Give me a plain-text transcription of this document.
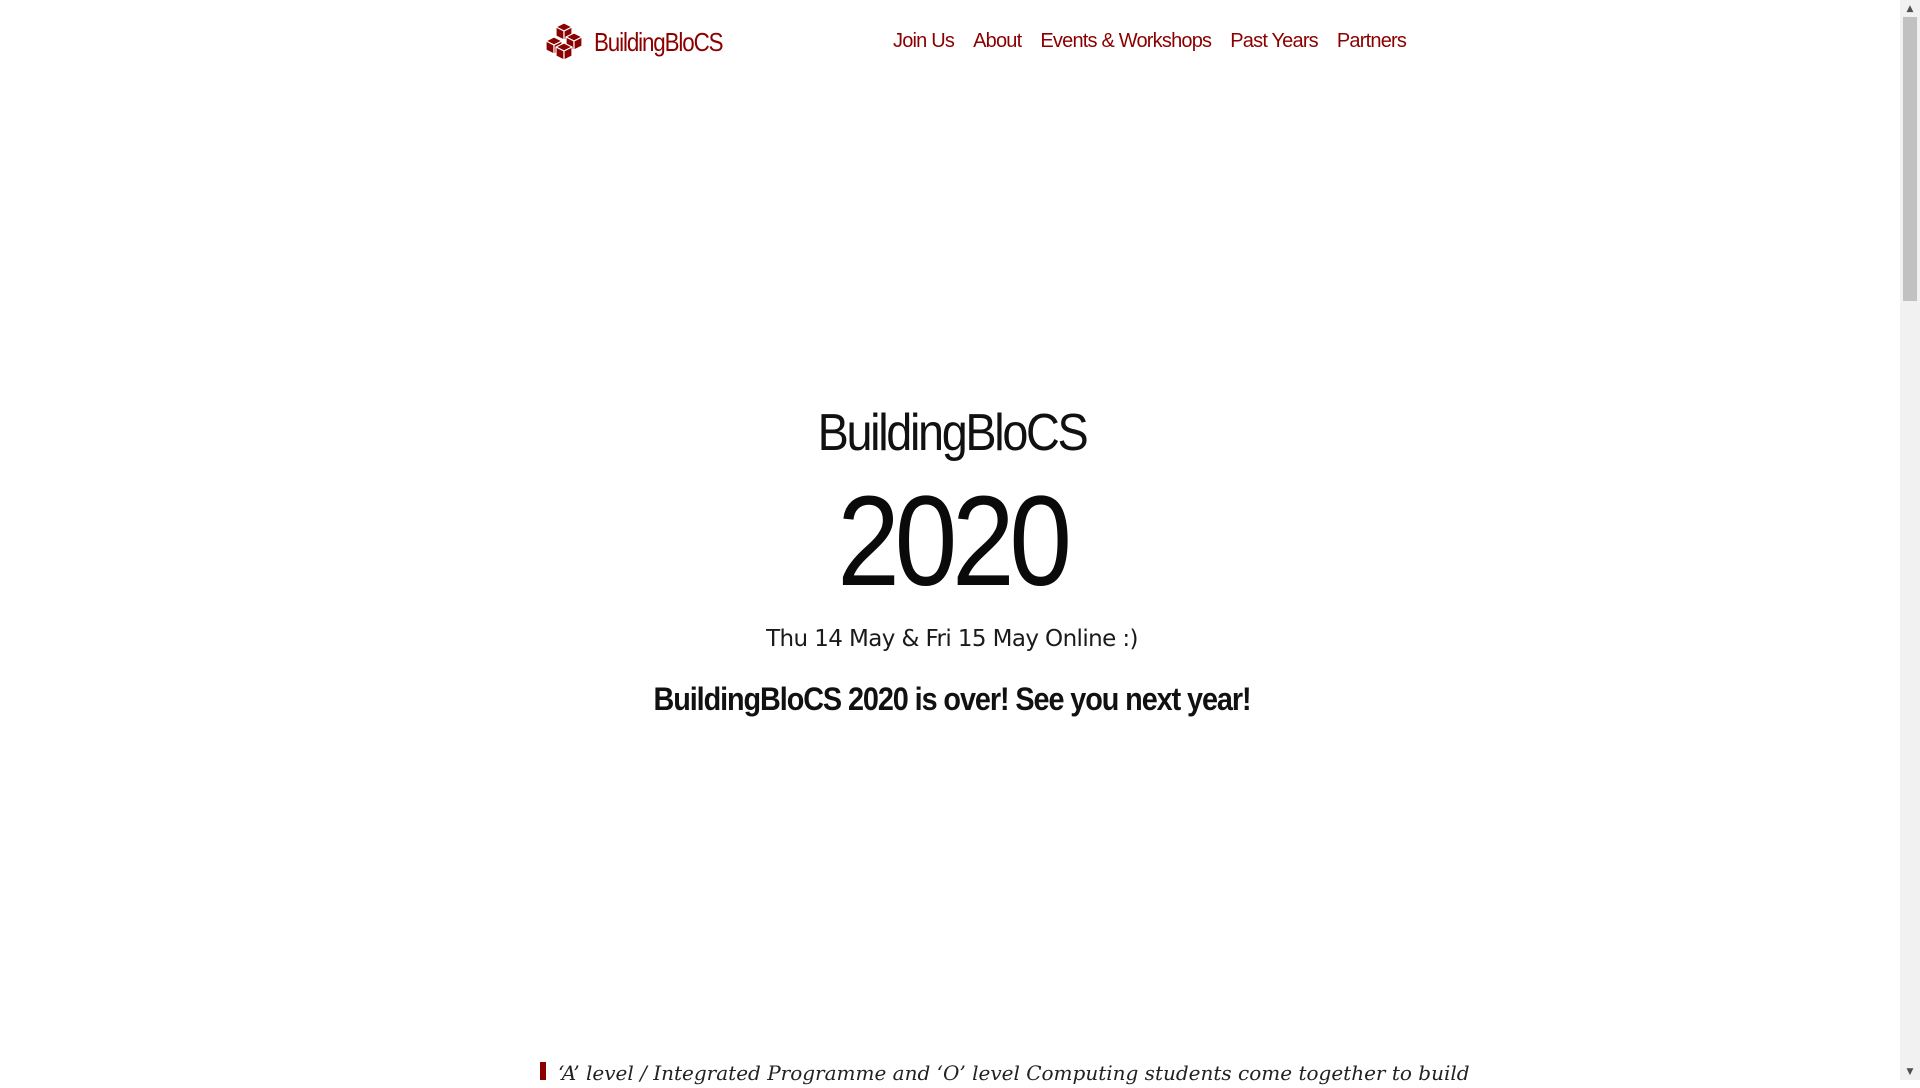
BuildingBloCS	Join Us About Events & Workshops Past Years Partners
BuildingBloCS
2020

Thu 14 May & Fri 15 May Online :)

BuildingBloCS 2020 is over! See you next year!
‘A’ level / Integrated Programme and ‘O’ level Computing students come together to build
▲
▼
